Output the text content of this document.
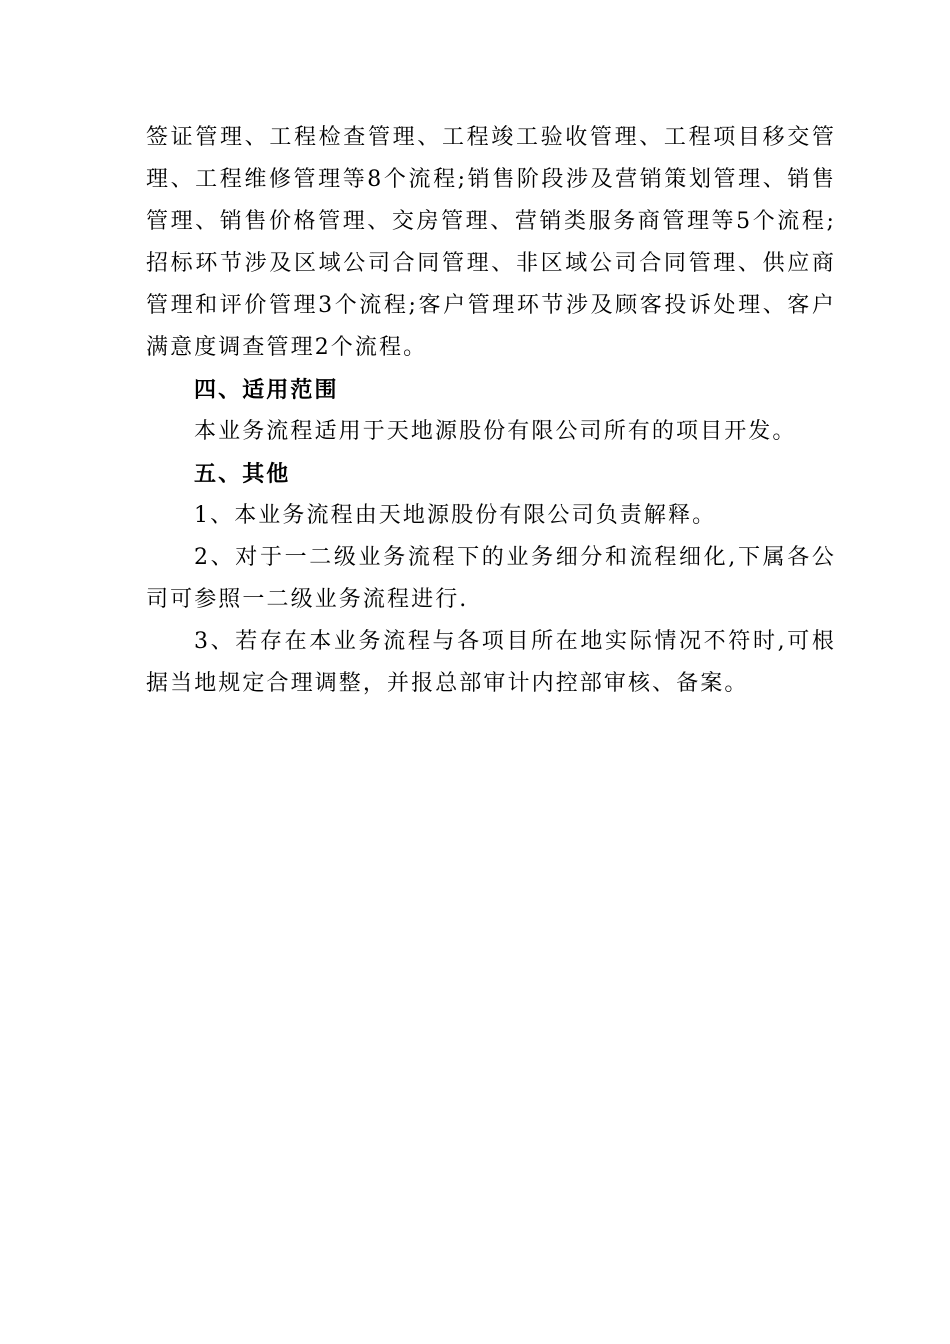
签证管理、工程检查管理、工程竣工验收管理、工程项目移交管理、工程维修管理等8个流程;销售阶段涉及营销策划管理、销售管理、销售价格管理、交房管理、营销类服务商管理等5个流程;招标环节涉及区域公司合同管理、非区域公司合同管理、供应商管理和评价管理3个流程;客户管理环节涉及顾客投诉处理、客户满意度调查管理2个流程。

四、适用范围

本业务流程适用于天地源股份有限公司所有的项目开发。

五、其他

1、本业务流程由天地源股份有限公司负责解释。

2、对于一二级业务流程下的业务细分和流程细化,下属各公司可参照一二级业务流程进行.

3、若存在本业务流程与各项目所在地实际情况不符时,可根据当地规定合理调整，并报总部审计内控部审核、备案。
